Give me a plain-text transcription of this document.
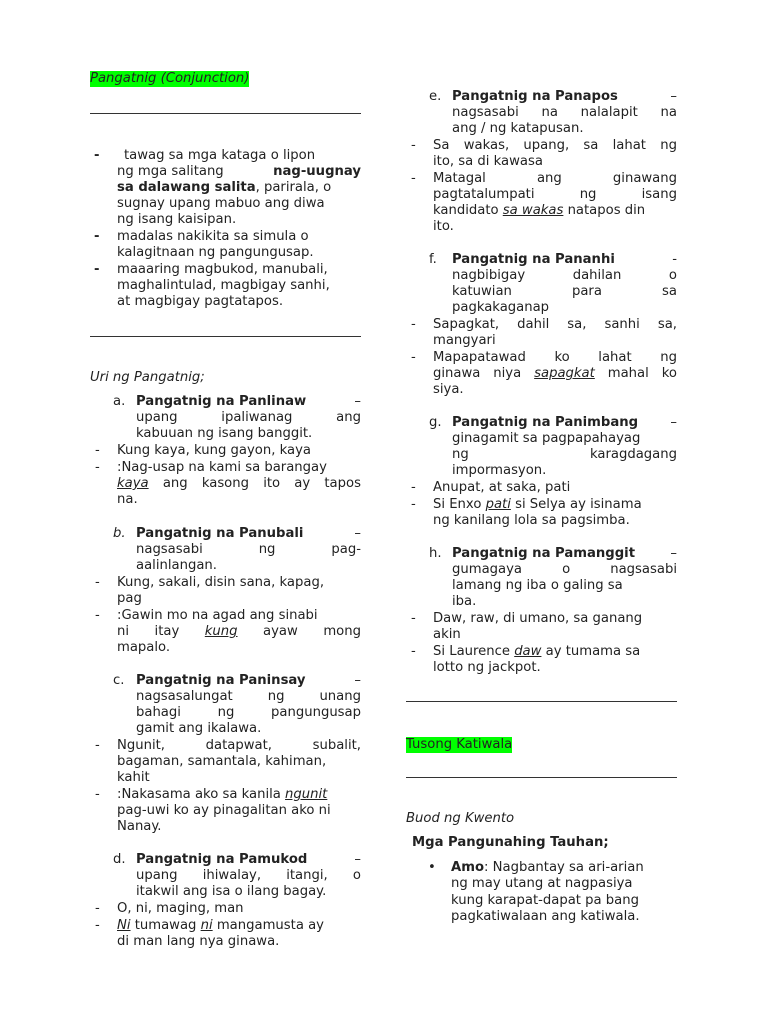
Pangatnig (Conjunction)
- tawag sa mga kataga o lipon
ng mga salitang	nag-uugnay
sa dalawang salita, parirala, o
sugnay upang mabuo ang diwa
ng isang kaisipan.
- madalas nakikita sa simula o
kalagitnaan ng pangungusap.
- maaaring magbukod, manubali,
maghalintulad, magbigay sanhi,
at magbigay pagtatapos.
Uri ng Pangatnig;
a. Pangatnig na Panlinaw	–
upang	ipaliwanag	ang
kabuuan ng isang banggit.
- Kung kaya, kung gayon, kaya
- :Nag-usap na kami sa barangay
kaya ang kasong ito ay tapos
na.
b. Pangatnig na Panubali	–
nagsasabi	ng	pag-
aalinlangan.
- Kung, sakali, disin sana, kapag,
pag
- :Gawin mo na agad ang sinabi
ni itay kung ayaw mong
mapalo.
c. Pangatnig na Paninsay	–
nagsasalungat	ng	unang
bahagi	ng	pangungusap
gamit ang ikalawa.
- Ngunit,	datapwat,	subalit,
bagaman, samantala, kahiman,
kahit
- :Nakasama ako sa kanila ngunit
pag-uwi ko ay pinagalitan ako ni
Nanay.
d. Pangatnig na Pamukod	–
upang ihiwalay, itangi, o
itakwil ang isa o ilang bagay.
- O, ni, maging, man
- Ni tumawag ni mangamusta ay
di man lang nya ginawa.
e. Pangatnig na Panapos	–
nagsasabi na nalalapit na
ang / ng katapusan.
- Sa wakas, upang, sa lahat ng
ito, sa di kawasa
- Matagal	ang	ginawang
pagtatalumpati	ng	isang
kandidato sa wakas natapos din
ito.
f. Pangatnig na Pananhi	-
nagbibigay	dahilan	o
katuwian	para	sa
pagkakaganap
- Sapagkat, dahil sa, sanhi sa,
mangyari
- Mapapatawad ko lahat ng
ginawa niya sapagkat mahal ko
siya.
g. Pangatnig na Panimbang –
ginagamit sa pagpapahayag
ng	karagdagang
impormasyon.
- Anupat, at saka, pati
- Si Enxo pati si Selya ay isinama
ng kanilang lola sa pagsimba.
h. Pangatnig na Pamanggit	–
gumagaya	o	nagsasabi
lamang ng iba o galing sa
iba.
- Daw, raw, di umano, sa ganang
akin
- Si Laurence daw ay tumama sa
lotto ng jackpot.
Tusong Katiwala
Buod ng Kwento
Mga Pangunahing Tauhan;
• Amo: Nagbantay sa ari-arian
ng may utang at nagpasiya
kung karapat-dapat pa bang
pagkatiwalaan ang katiwala.
